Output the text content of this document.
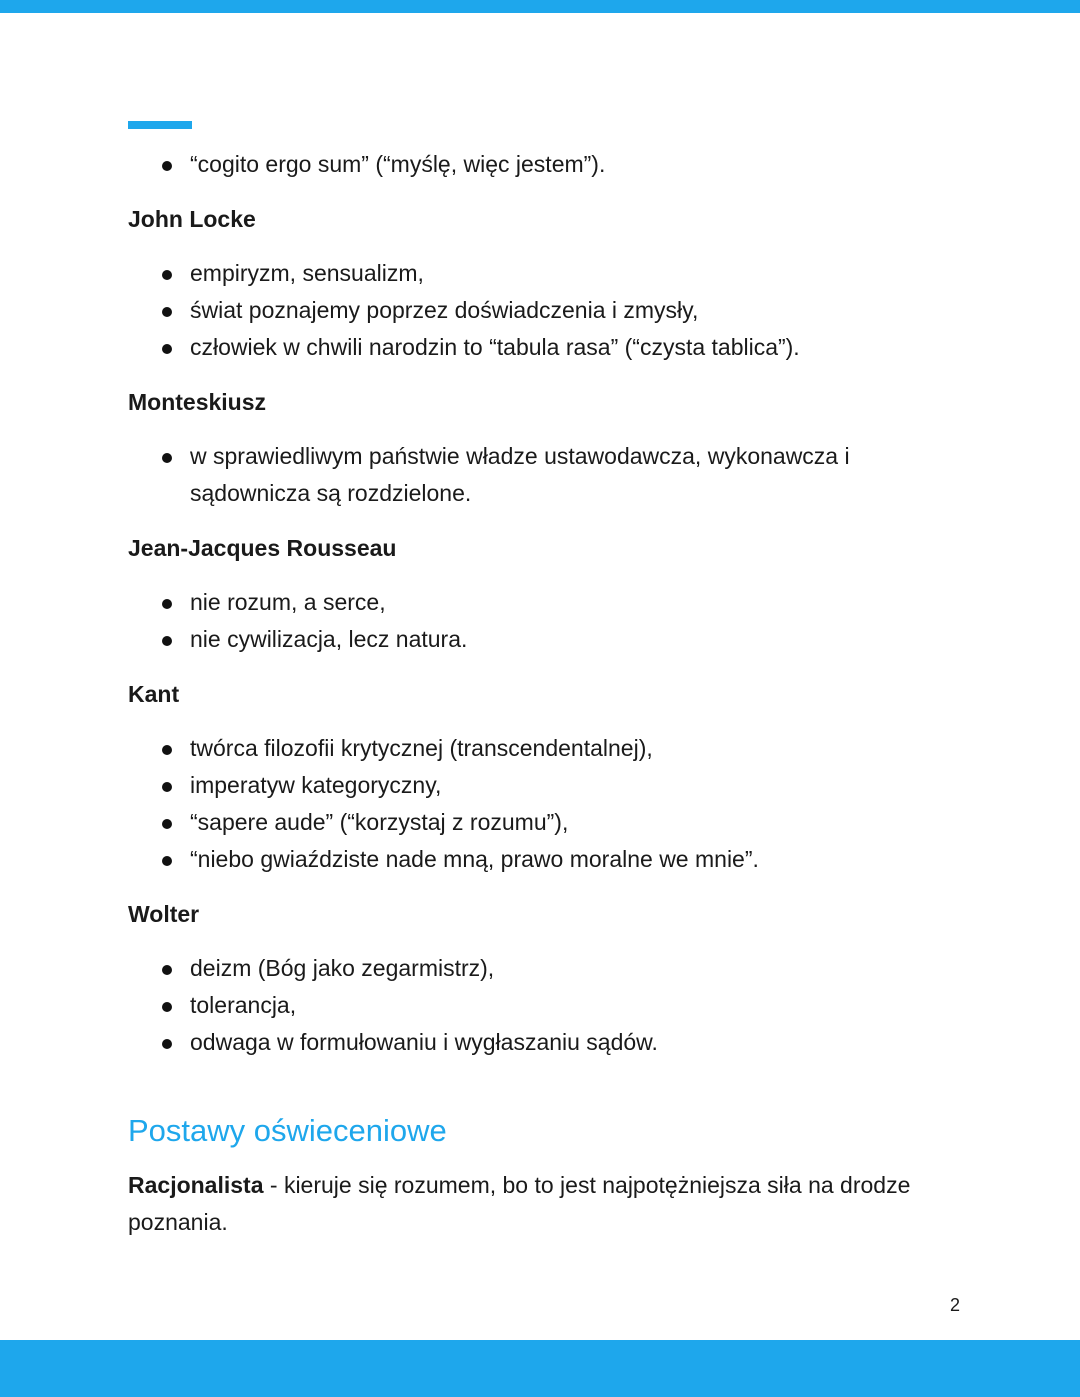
“cogito ergo sum” (“myślę, więc jestem”).

John Locke

empiryzm, sensualizm,
świat poznajemy poprzez doświadczenia i zmysły,
człowiek w chwili narodzin to “tabula rasa” (“czysta tablica”).

Monteskiusz

w sprawiedliwym państwie władze ustawodawcza, wykonawcza i sądownicza są rozdzielone.

Jean-Jacques Rousseau

nie rozum, a serce,
nie cywilizacja, lecz natura.

Kant

twórca filozofii krytycznej (transcendentalnej),
imperatyw kategoryczny,
“sapere aude” (“korzystaj z rozumu”),
“niebo gwiaździste nade mną, prawo moralne we mnie”.

Wolter

deizm (Bóg jako zegarmistrz),
tolerancja,
odwaga w formułowaniu i wygłaszaniu sądów.
Postawy oświeceniowe

Racjonalista - kieruje się rozumem, bo to jest najpotężniejsza siła na drodze poznania.

2
